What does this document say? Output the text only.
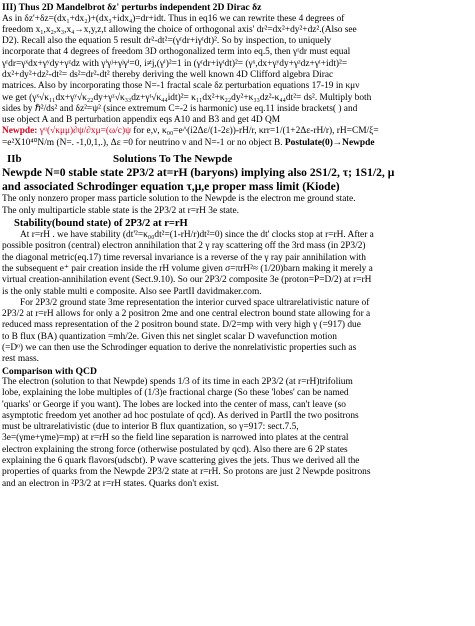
III) Thus 2D Mandelbrot δz' perturbs independent 2D Dirac δz

As in δz'+δz=(dx₁+dx₂)+(dx₃+idx₄)=dr+idt. Thus in eq16 we can rewrite these 4 degrees of

freedom x₁,x₂,x₃,x₄→x,y,z,t allowing the choice of orthogonal axis' dr²=dx²+dy²+dz².(Also see

D2). Recall also the equation 5 result dr²-dt²=(γʳdr+iγᵗdt)². So by inspection, to uniquely

incorporate that 4 degrees of freedom 3D orthogonalized term into eq.5, then γʳdr must equal

γʳdr=γˣdx+γʸdy+γᶻdz with γⁱγʲ+γʲγⁱ=0, i≠j,(γⁱ)²=1 in (γʳdr+iγᵗdt)²= (γˣ,dx+γʸdy+γᶻdz+γᵗ+idt)²=

dx²+dy²+dz²-dt²= ds²=dr²-dt² thereby deriving the well known 4D Clifford algebra Dirac

matrices. Also by incorporating those N=-1 fractal scale δz perturbation equations 17-19 in κμν

we get (γˣ√κ₁₁dx+γʸ√κ₂₂dy+γᶻ√κ₃₃dz+γᵗ√κ₄₄idt)²= κ₁₁dx²+κ₂₂dy²+κ₃₃dz²-κ₄₄dt²= ds². Multiply both

sides by ℏ²/ds² and δz²=ψ² (since extremum C=-2 is harmonic) use eq.11 inside brackets( ) and

use object A and B perturbation appendix eqs A10 and B3 and get 4D QM

Newpde: γᵘ(√κμμ)∂ψ/∂xμ=(ω/c)ψ for e,ν, κ₀₀=e^(i2Δε/(1-2ε))-rH/r, κrr=1/(1+2Δε-rH/r), rH=CM/ξ=

=e²X10⁴⁰N/m (N=. -1,0,1,.), Δε =0 for neutrino ν and N=-1 or no object B. Postulate(0)→Newpde

IIb	Solutions To The Newpde

Newpde N=0 stable state 2P3/2 at=rH (baryons) implying also 2S1/2, τ; 1S1/2, μ

and associated Schrodinger equation τ,μ,e proper mass limit (Kiode)

The only nonzero proper mass particle solution to the Newpde is the electron me ground state.

The only multiparticle stable state is the 2P3/2 at r=rH 3e state.

Stability(bound state) of 2P3/2 at r=rH

At r=rH . we have stability (dt'²=κ₀₀dt²=(1-rH/r)dt²=0) since the dt' clocks stop at r=rH. After a

possible positron (central) electron annihilation that 2 γ ray scattering off the 3rd mass (in 2P3/2)

the diagonal metric(eq.17) time reversal invariance is a reverse of the γ ray pair annihilation with

the subsequent e⁺ pair creation inside the rH volume given σ=πrH²≈ (1/20)barn making it merely a

virtual creation-annihilation event (Sect.9.10). So our 2P3/2 composite 3e (proton=P=D/2) at r=rH

is the only stable multi e composite. Also see PartII davidmaker.com.

For 2P3/2 ground state 3me representation the interior curved space ultrarelativistic nature of

2P3/2 at r=rH allows for only a 2 positron 2me and one central electron bound state allowing for a

reduced mass representation of the 2 positron bound state. D/2=mp with very high γ (=917) due

to B flux (BA) quantization =mh/2e. Given this net singlet scalar D wavefunction motion

(=Dᵒ) we can then use the Schrodinger equation to derive the nonrelativistic properties such as

rest mass.

Comparison with QCD

The electron (solution to that Newpde) spends 1/3 of its time in each 2P3/2 (at r=rH)trifolium

lobe, explaining the lobe multiples of (1/3)e fractional charge (So these 'lobes' can be named

'quarks' or George if you want). The lobes are locked into the center of mass, can't leave (so

asymptotic freedom yet another ad hoc postulate of qcd). As derived in PartII the two positrons

must be ultrarelativistic (due to interior B flux quantization, so γ=917: sect.7.5,

3e=(γme+γme)=mp) at r=rH so the field line separation is narrowed into plates at the central

electron explaining the strong force (otherwise postulated by qcd). Also there are 6 2P states

explaining the 6 quark flavors(udscbt). P wave scattering gives the jets. Thus we derived all the

properties of quarks from the Newpde 2P3/2 state at r=rH. So protons are just 2 Newpde positrons

and an electron in ²P3/2 at r=rH states. Quarks don't exist.
